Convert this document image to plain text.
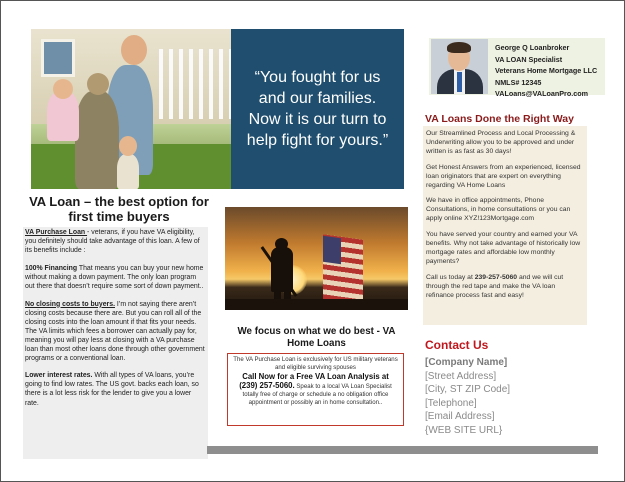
“You fought for us and our families. Now it is our turn to help fight for yours.”
George Q Loanbroker
VA LOAN Specialist
Veterans Home Mortgage LLC
NMLS# 12345
VALoans@VALoanPro.com
VA Loan – the best option for first time buyers

VA Purchase Loan - veterans, if you have VA eligibility, you definitely should take advantage of this loan. A few of its benefits include :

100% Financing That means you can buy your new home without making a down payment. The only loan program out there that doesn’t require some sort of down payment..

No closing costs to buyers. I’m not saying there aren’t closing costs because there are. But you can roll all of the closing costs into the loan amount if that fits your needs. The VA limits which fees a borrower can actually pay for, meaning you will pay less at closing with a VA purchase loan than most other loans done through other government programs or a conventional loan.

Lower interest rates. With all types of VA loans, you’re going to find low rates. The US govt. backs each loan, so there is a lot less risk for the lender to give you a lower rate.

We focus on what we do best - VA Home Loans
The VA Purchase Loan is exclusively for US military veterans and eligible surviving spouses
Call Now for a Free VA Loan Analysis at (239) 257-5060. Speak to a local VA Loan Specialist totally free of charge or schedule a no obligation office appointment or possibly an in home consultation..
VA Loans Done the Right Way

Our Streamlined Process and Local Processing & Underwriting allow you to be approved and under written is as fast as 30 days!

Get Honest Answers from an experienced, licensed loan originators that are expert on everything regarding VA Home Loans

We have in office appointments, Phone Consultations, in home consultations or you can apply online XYZ!123Mortgage.com

You have served your country and earned your VA benefits. Why not take advantage of historically low mortgage rates and affordable low monthly payments?

Call us today at 239-257-5060 and we will cut through the red tape and make the VA loan refinance process fast and easy!

Contact Us
[Company Name]
[Street Address]
[City, ST ZIP Code]
[Telephone]
[Email Address]
{WEB SITE URL}
